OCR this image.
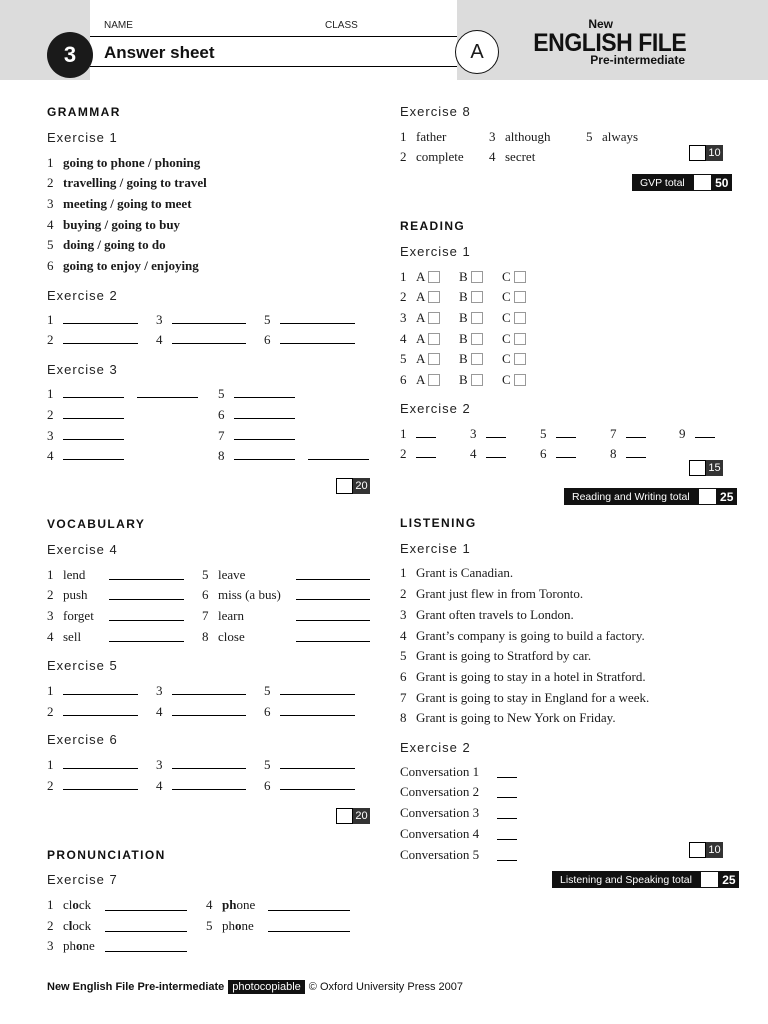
NAME	CLASS
3	Answer sheet	A
New
ENGLISH FILE
Pre-intermediate
GRAMMAR
Exercise 1
1 going to phone / phoning
2 travelling / going to travel
3 meeting / going to meet
4 buying / going to buy
5 doing / going to do
6 going to enjoy / enjoying
Exercise 2
1
2
3
4
5
6
Exercise 3
1
2
3
4
5
6
7
8
20
VOCABULARY
Exercise 4
1 lend
2 push
3 forget
4 sell
5 leave
6 miss (a bus)
7 learn
8 close
Exercise 5
1
2
3
4
5
6
Exercise 6
1
2
3
4
5
6
20
PRONUNCIATION
Exercise 7
1 clock
2 clock
3 phone
4 phone
5 phone
Exercise 8
1 father
2 complete
3 although
4 secret
5 always
10
GVP total	50
READING
Exercise 1
1 A	B	C
2 A	B	C
3 A	B	C
4 A	B	C
5 A	B	C
6 A	B	C
Exercise 2
1
2
3
4
5
6
7
8
9
15
Reading and Writing total	25
LISTENING
Exercise 1
1 Grant is Canadian.
2 Grant just flew in from Toronto.
3 Grant often travels to London.
4 Grant’s company is going to build a factory.
5 Grant is going to Stratford by car.
6 Grant is going to stay in a hotel in Stratford.
7 Grant is going to stay in England for a week.
8 Grant is going to New York on Friday.
Exercise 2
Conversation 1
Conversation 2
Conversation 3
Conversation 4
Conversation 5	10
Listening and Speaking total	25
New English File Pre-intermediate photocopiable © Oxford University Press 2007
